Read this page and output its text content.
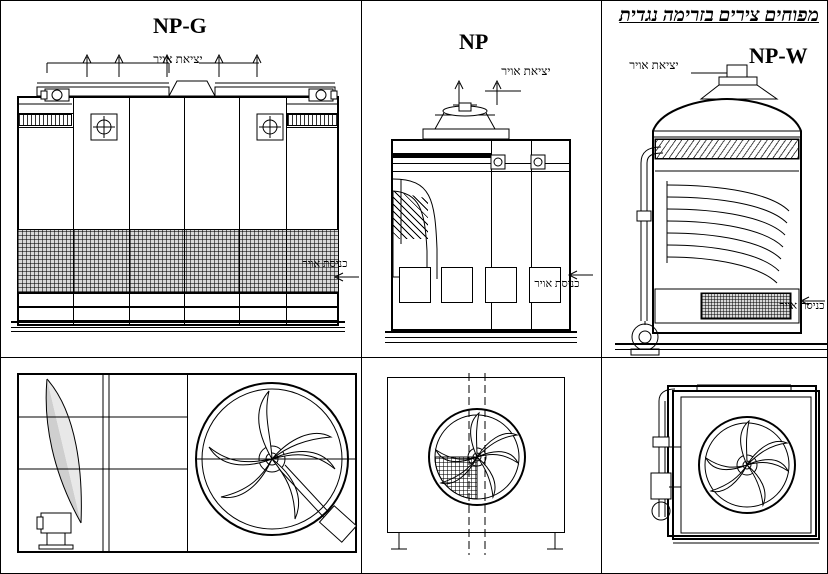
מפוחים צירים בזרימה נגדית
NP-G
יציאת אויר
כניסת אויר
NP
יציאת אויר
כניסת אויר
NP-W
יציאת אויר
כניסת אויר
